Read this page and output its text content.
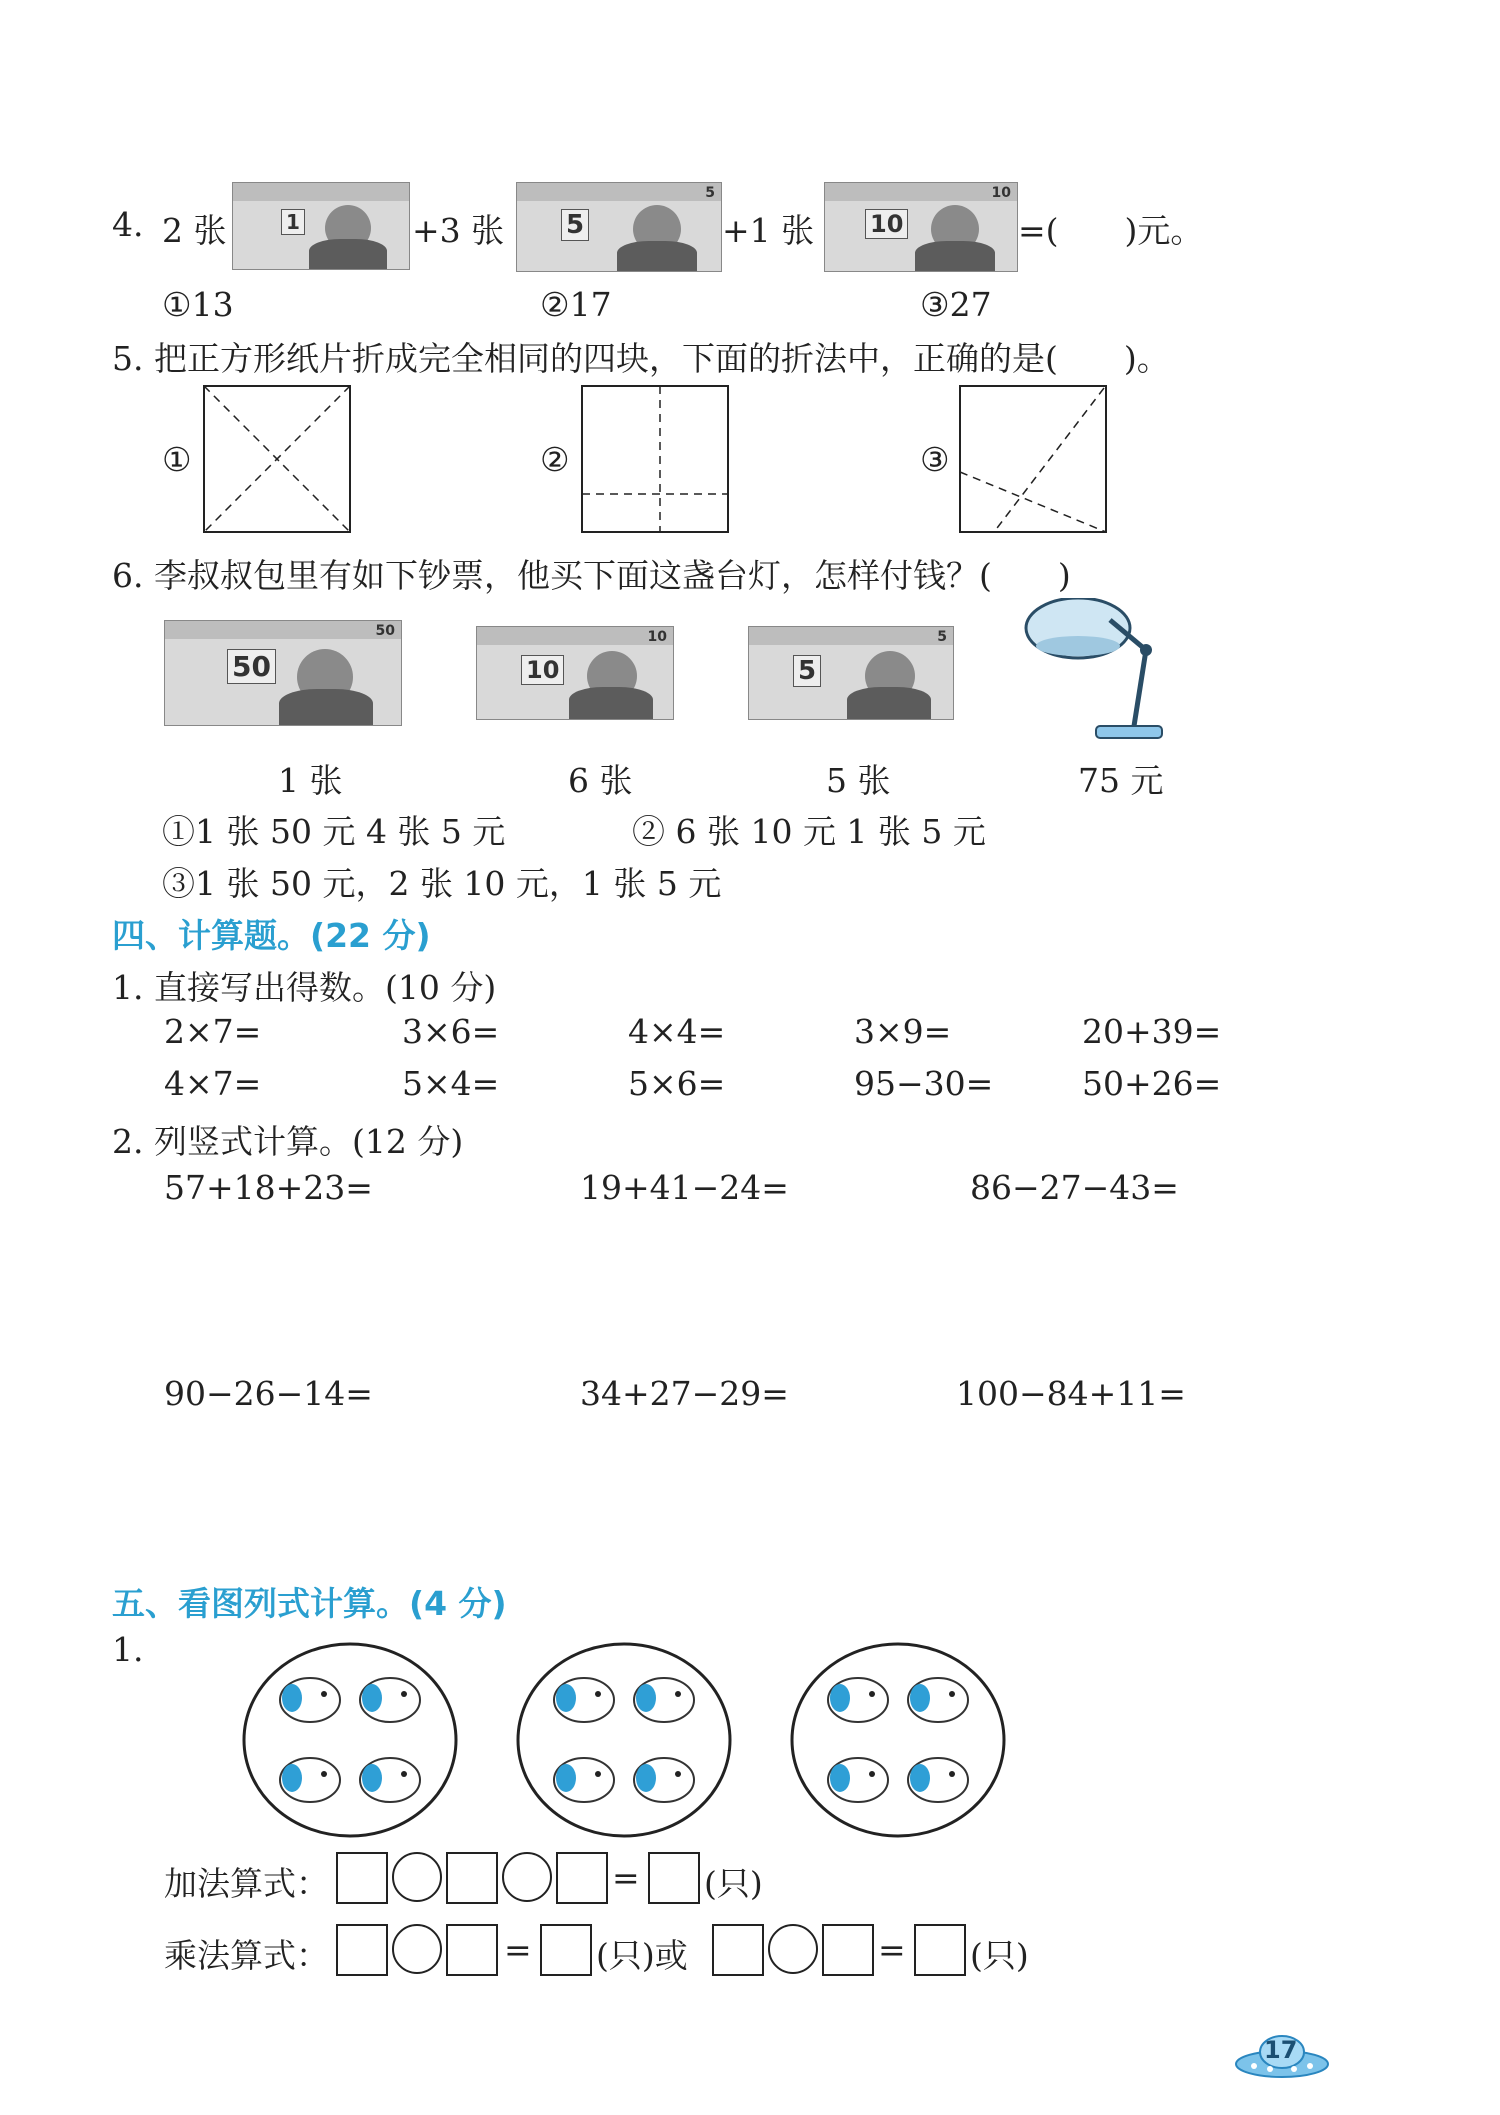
4. 2 张	1	+3 张 5
5
+1 张 10
10
=(　　)元。
①13	②17	③27
5. 把正方形纸片折成完全相同的四块，下面的折法中，正确的是(　　)。
①	②	③
6. 李叔叔包里有如下钞票，他买下面这盏台灯，怎样付钱？(　　)
50
50
10
10
5
5
1 张	6 张	5 张	75 元
①1 张 50 元 4 张 5 元	② 6 张 10 元 1 张 5 元
③1 张 50 元，2 张 10 元，1 张 5 元
四、计算题。(22 分)
1. 直接写出得数。(10 分)
2×7=	3×6=	4×4=	3×9=	20+39=
4×7=	5×4=	5×6=	95−30=	50+26=
2. 列竖式计算。(12 分)
57+18+23=	19+41−24=	86−27−43=
90−26−14=	34+27−29=	100−84+11=
五、看图列式计算。(4 分)
1.
加法算式：	= (只)
乘法算式：	= (只)或	= (只)
17
